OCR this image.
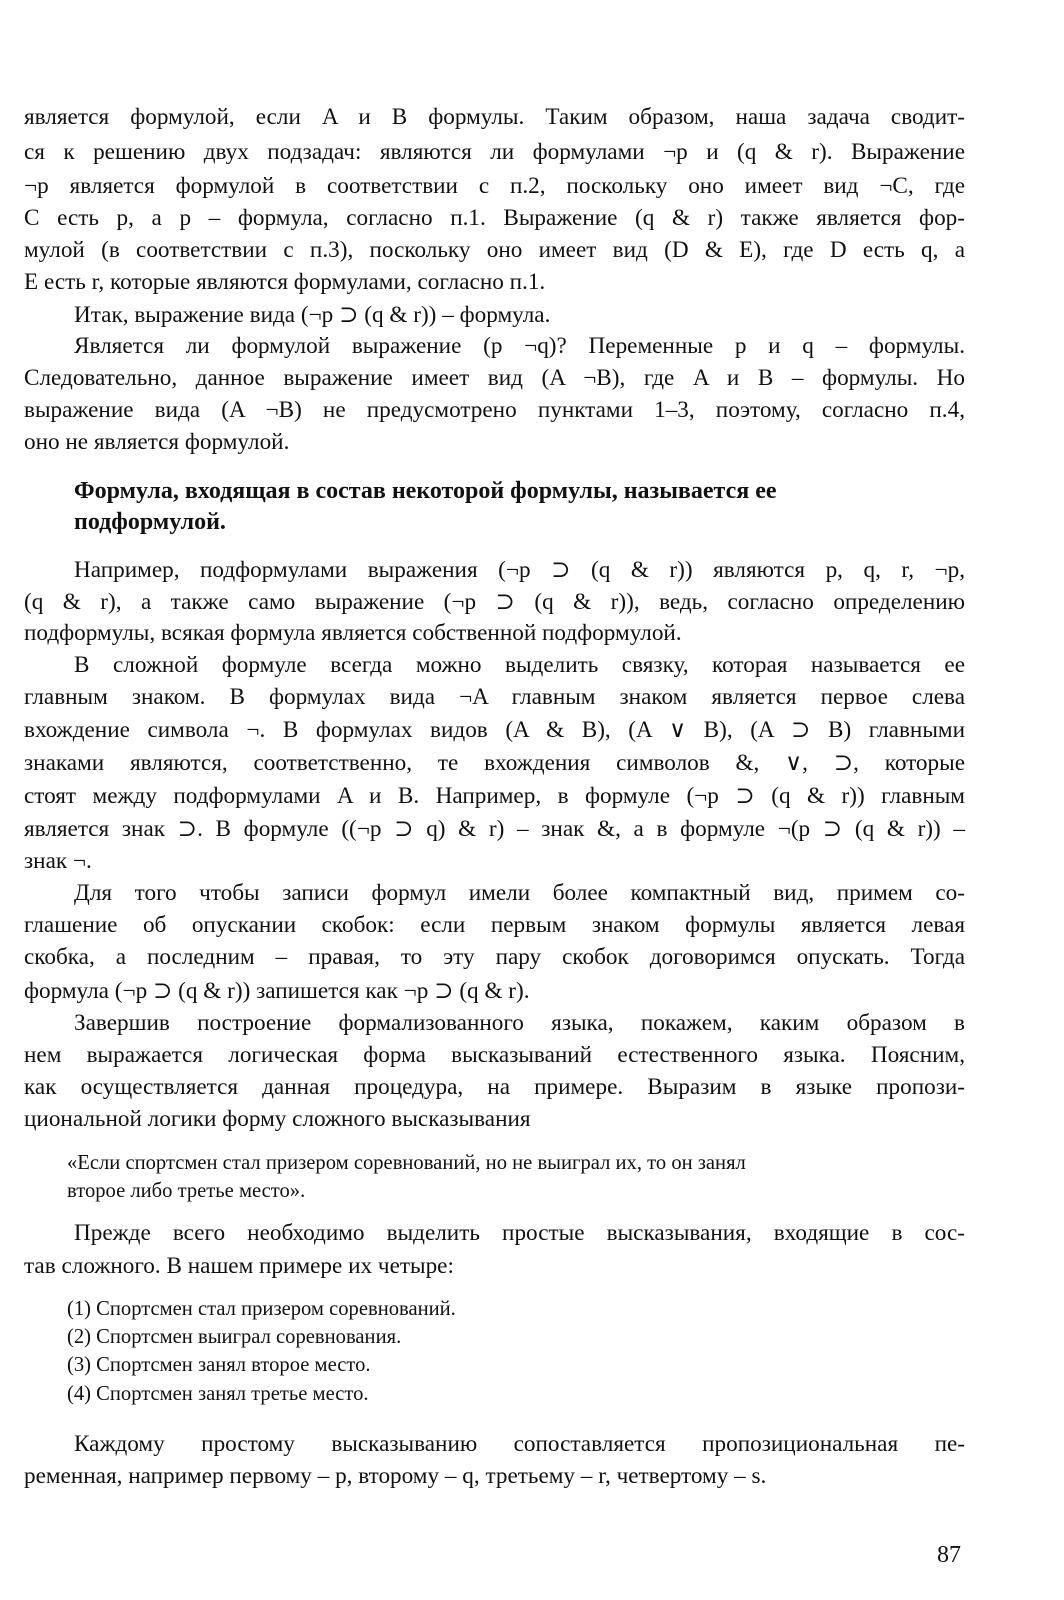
является формулой, если A и B формулы. Таким образом, наша задача сводит-
ся к решению двух подзадач: являются ли формулами ¬p и (q & r). Выражение
¬p является формулой в соответствии с п.2, поскольку оно имеет вид ¬C, где
C есть p, а p – формула, согласно п.1. Выражение (q & r) также является фор-
мулой (в соответствии с п.3), поскольку оно имеет вид (D & E), где D есть q, а
E есть r, которые являются формулами, согласно п.1.
Итак, выражение вида (¬p ⊃ (q & r)) – формула.
Является ли формулой выражение (p ¬q)? Переменные p и q – формулы.
Следовательно, данное выражение имеет вид (A ¬B), где A и B – формулы. Но
выражение вида (A ¬B) не предусмотрено пунктами 1–3, поэтому, согласно п.4,
оно не является формулой.
Формула, входящая в состав некоторой формулы, называется ее
подформулой.
Например, подформулами выражения (¬p ⊃ (q & r)) являются p, q, r, ¬p,
(q & r), а также само выражение (¬p ⊃ (q & r)), ведь, согласно определению
подформулы, всякая формула является собственной подформулой.
В сложной формуле всегда можно выделить связку, которая называется ее
главным знаком. В формулах вида ¬A главным знаком является первое слева
вхождение символа ¬. В формулах видов (A & B), (A ∨ B), (A ⊃ B) главными
знаками являются, соответственно, те вхождения символов &, ∨, ⊃, которые
стоят между подформулами A и B. Например, в формуле (¬p ⊃ (q & r)) главным
является знак ⊃. В формуле ((¬p ⊃ q) & r) – знак &, а в формуле ¬(p ⊃ (q & r)) –
знак ¬.
Для того чтобы записи формул имели более компактный вид, примем со-
глашение об опускании скобок: если первым знаком формулы является левая
скобка, а последним – правая, то эту пару скобок договоримся опускать. Тогда
формула (¬p ⊃ (q & r)) запишется как ¬p ⊃ (q & r).
Завершив построение формализованного языка, покажем, каким образом в
нем выражается логическая форма высказываний естественного языка. Поясним,
как осуществляется данная процедура, на примере. Выразим в языке пропози-
циональной логики форму сложного высказывания
«Если спортсмен стал призером соревнований, но не выиграл их, то он занял
второе либо третье место».
Прежде всего необходимо выделить простые высказывания, входящие в сос-
тав сложного. В нашем примере их четыре:
(1) Спортсмен стал призером соревнований.
(2) Спортсмен выиграл соревнования.
(3) Спортсмен занял второе место.
(4) Спортсмен занял третье место.
Каждому простому высказыванию сопоставляется пропозициональная пе-
ременная, например первому – p, второму – q, третьему – r, четвертому – s.
87
